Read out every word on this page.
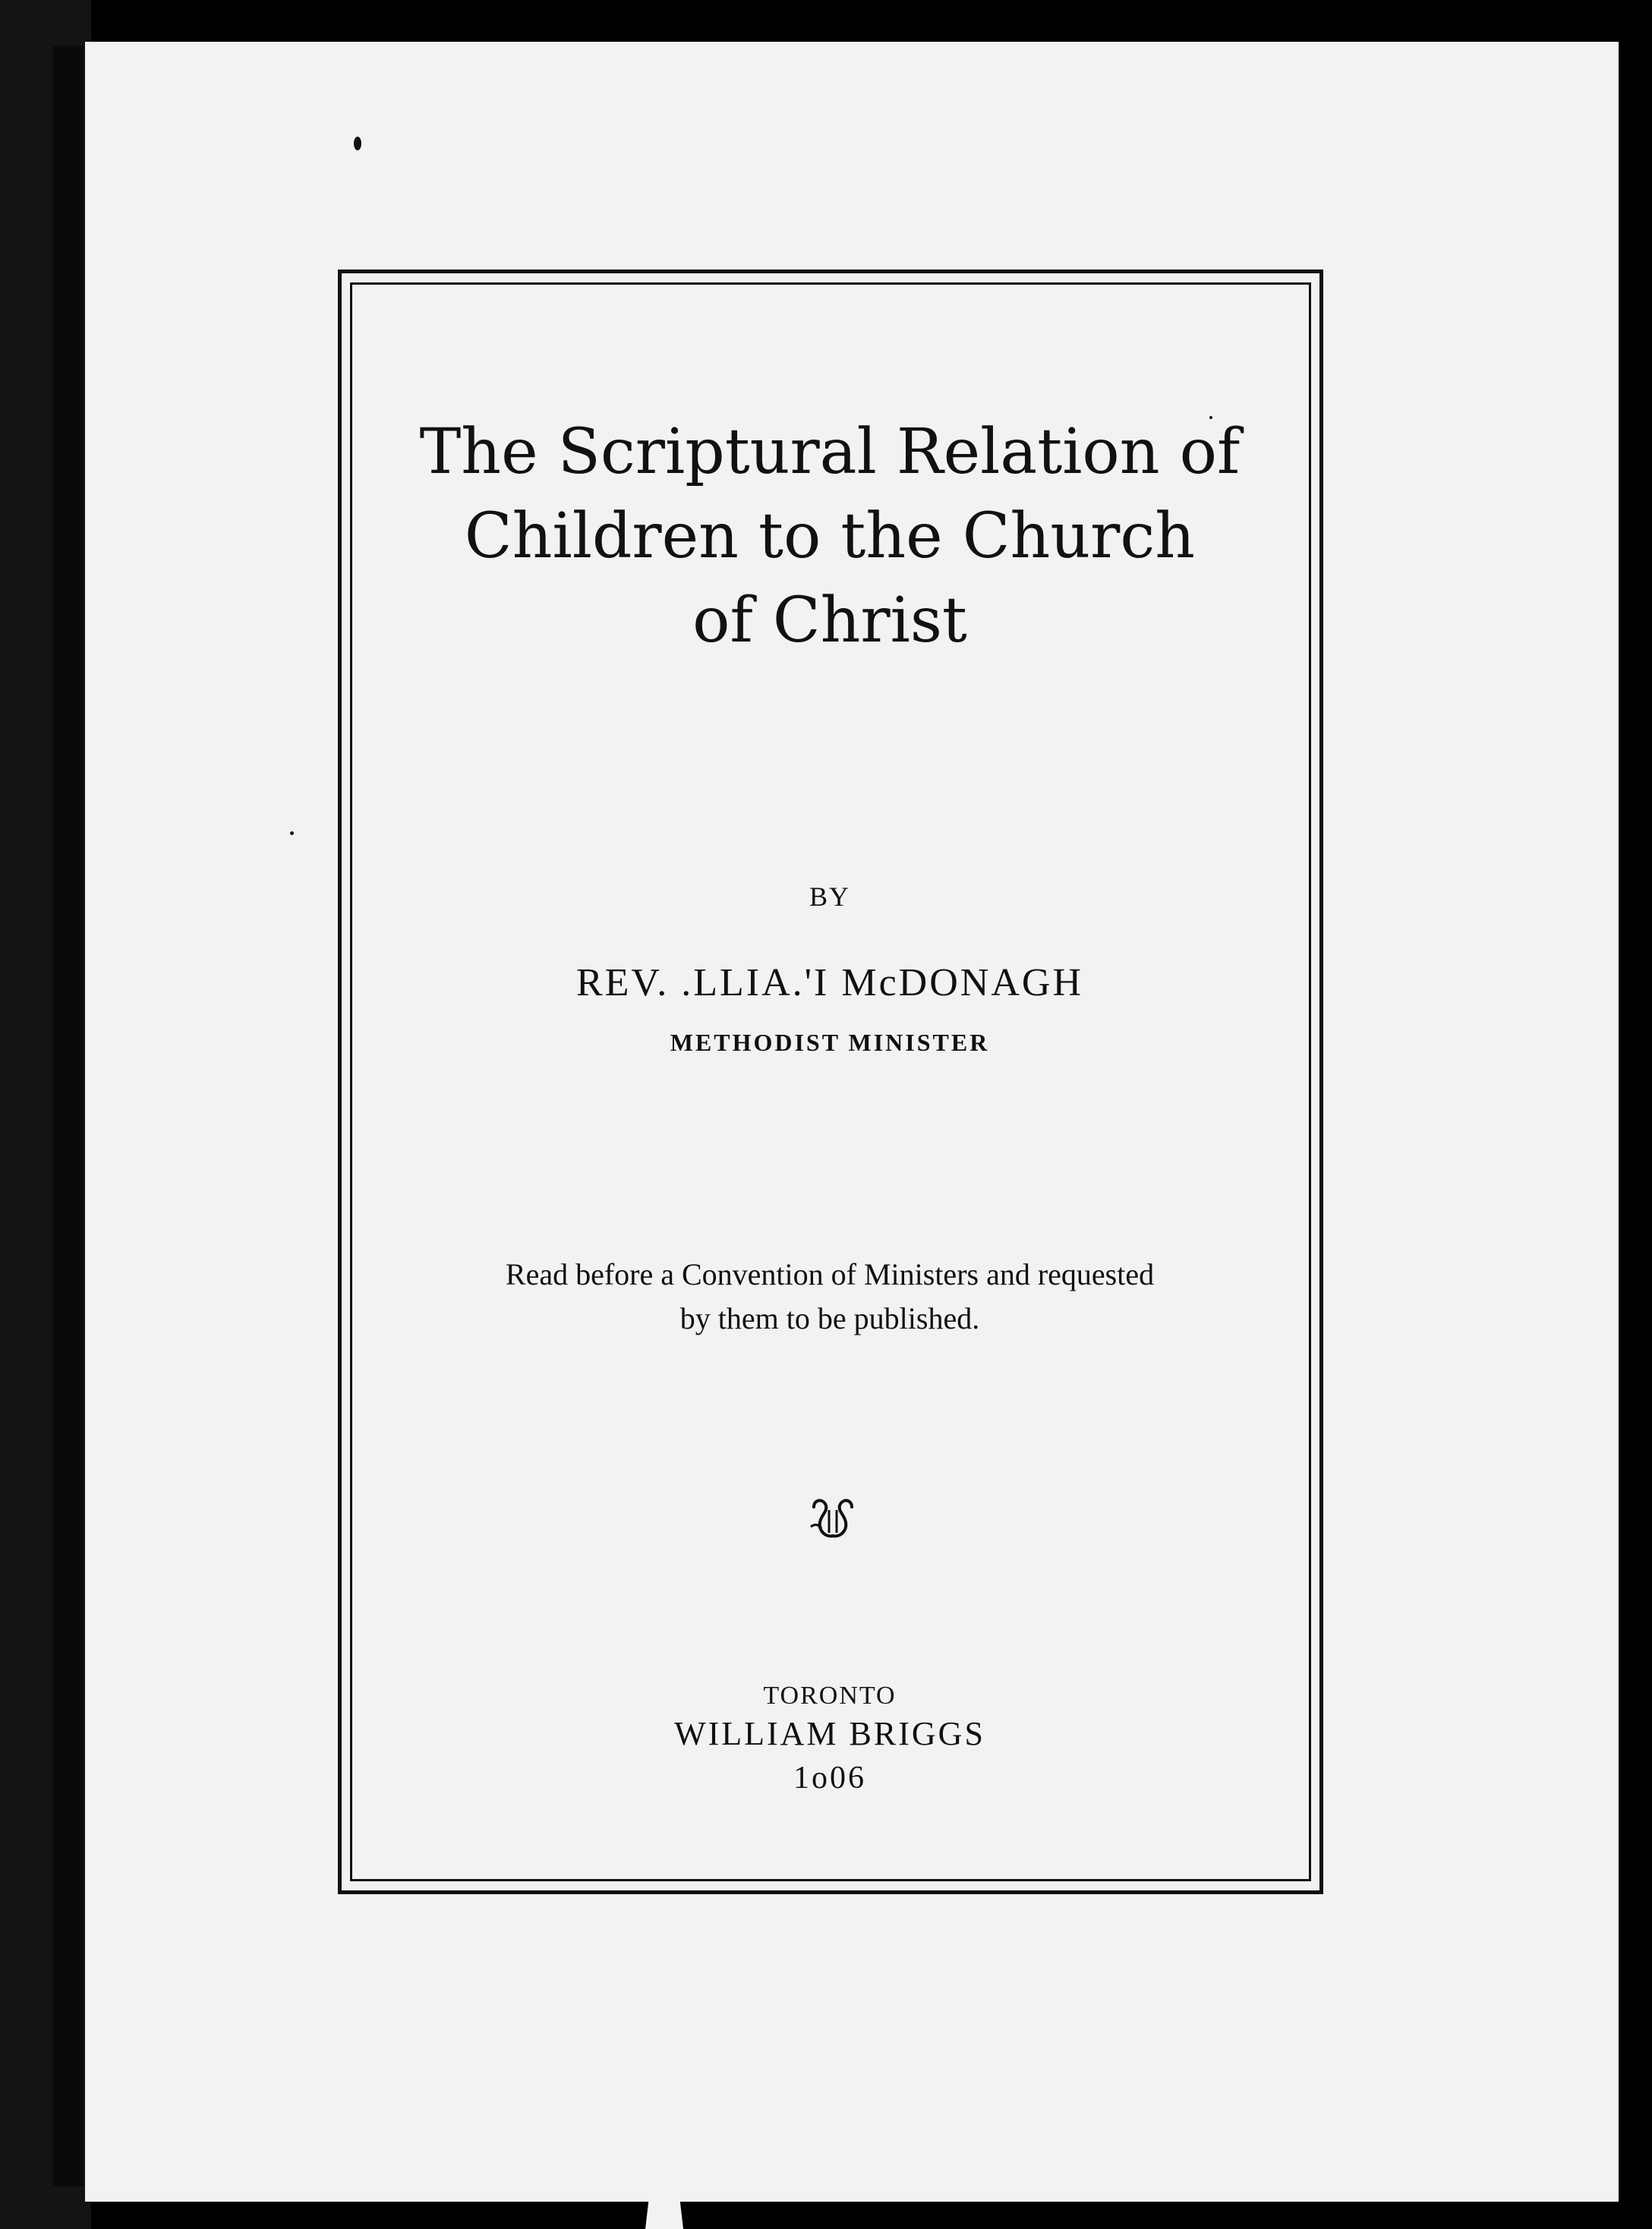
The Scriptural Relation of
Children to the Church
of Christ
BY
REV. .LLIA.'I McDONAGH
METHODIST MINISTER
Read before a Convention of Ministers and requested
by them to be published.
TORONTO
WILLIAM BRIGGS
1ᴏ06
